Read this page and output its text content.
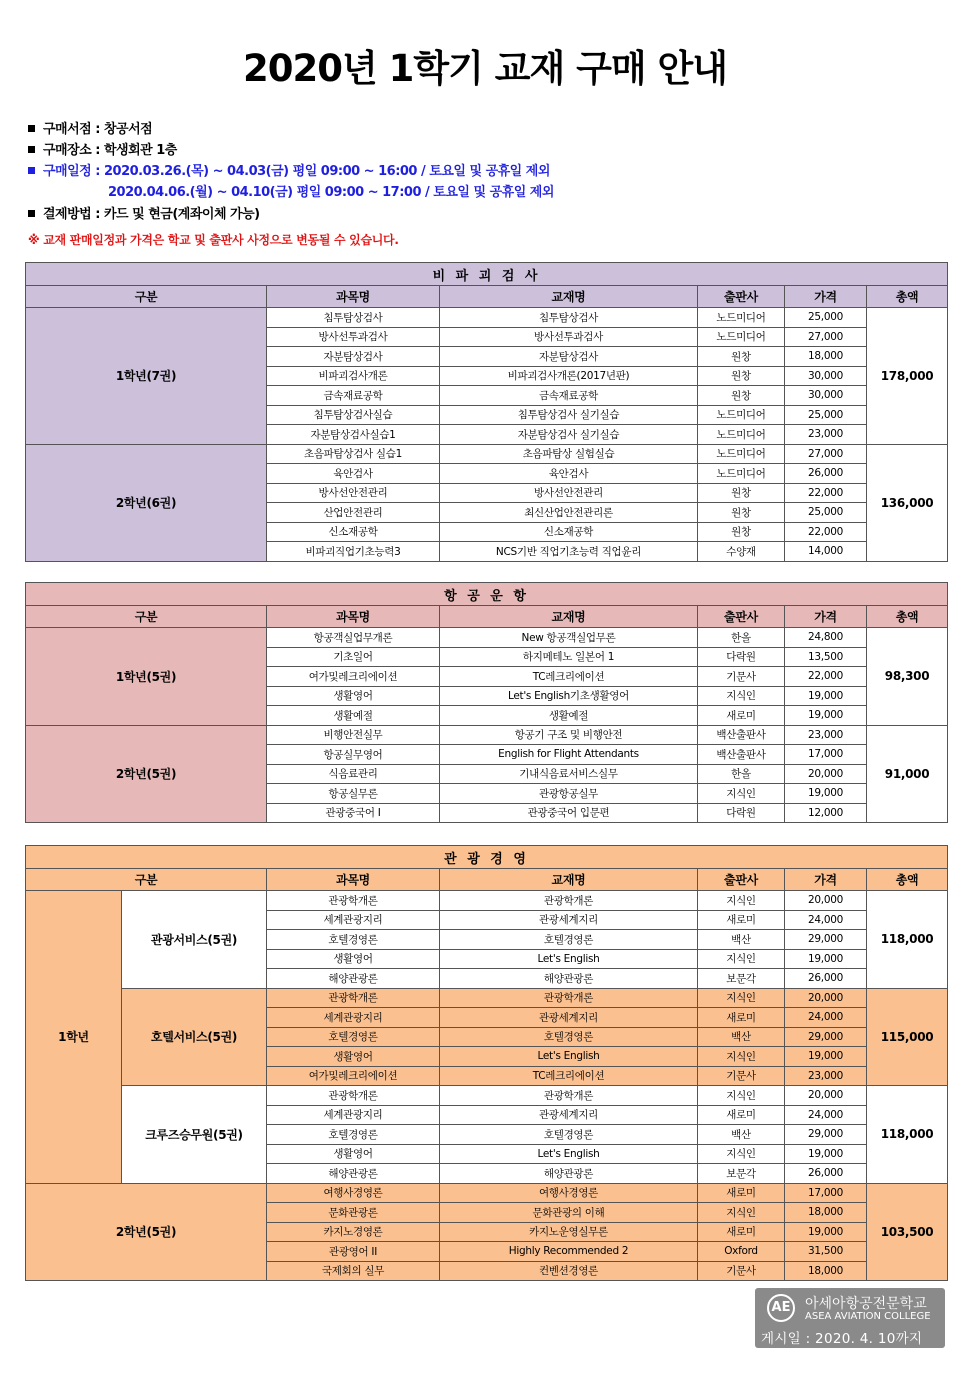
2020년 1학기 교재 구매 안내
구매서점 : 창공서점
구매장소 : 학생회관 1층
구매일정 : 2020.03.26.(목) ~ 04.03(금) 평일 09:00 ~ 16:00 / 토요일 및 공휴일 제외
2020.04.06.(월) ~ 04.10(금) 평일 09:00 ~ 17:00 / 토요일 및 공휴일 제외
결제방법 : 카드 및 현금(계좌이체 가능)
※ 교재 판매일정과 가격은 학교 및 출판사 사정으로 변동될 수 있습니다.
비 파 괴 검 사					
구분	과목명	교재명	출판사	가격	총액
1학년(7권)	침투탐상검사	침투탐상검사	노드미디어	25,000	178,000
	방사선투과검사	방사선투과검사	노드미디어	27,000	
	자분탐상검사	자분탐상검사	원창	18,000	
	비파괴검사개론	비파괴검사개론(2017년판)	원창	30,000	
	금속재료공학	금속재료공학	원창	30,000	
	침투탐상검사실습	침투탐상검사 실기실습	노드미디어	25,000	
	자분탐상검사실습1	자분탐상검사 실기실습	노드미디어	23,000	
2학년(6권)	초음파탐상검사 실습1	초음파탐상 실험실습	노드미디어	27,000	136,000
	육안검사	육안검사	노드미디어	26,000	
	방사선안전관리	방사선안전관리	원창	22,000	
	산업안전관리	최신산업안전관리론	원창	25,000	
	신소재공학	신소재공학	원창	22,000	
	비파괴직업기초능력3	NCS기반 직업기초능력 직업윤리	수양재	14,000	
항 공 운 항					
구분	과목명	교재명	출판사	가격	총액
1학년(5권)	항공객실업무개론	New 항공객실업무론	한올	24,800	98,300
	기초일어	하지메테노 일본어 1	다락원	13,500	
	여가및레크리에이션	TC레크리에이션	기문사	22,000	
	생활영어	Let's English기초생활영어	지식인	19,000	
	생활예절	생활예절	새로미	19,000	
2학년(5권)	비행안전실무	항공기 구조 및 비행안전	백산출판사	23,000	91,000
	항공실무영어	English for Flight Attendants	백산출판사	17,000	
	식음료관리	기내식음료서비스실무	한올	20,000	
	항공실무론	관광항공실무	지식인	19,000	
	관광중국어 I	관광중국어 입문편	다락원	12,000	
관 광 경 영						
구분		과목명	교재명	출판사	가격	총액
1학년	관광서비스(5권)	관광학개론	관광학개론	지식인	20,000	118,000
		세계관광지리	관광세계지리	새로미	24,000	
		호텔경영론	호텔경영론	백산	29,000	
		생활영어	Let's English	지식인	19,000	
		해양관광론	해양관광론	보문각	26,000	
	호텔서비스(5권)	관광학개론	관광학개론	지식인	20,000	115,000
		세계관광지리	관광세계지리	새로미	24,000	
		호텔경영론	호텔경영론	백산	29,000	
		생활영어	Let's English	지식인	19,000	
		여가및레크리에이션	TC레크리에이션	기문사	23,000	
	크루즈승무원(5권)	관광학개론	관광학개론	지식인	20,000	118,000
		세계관광지리	관광세계지리	새로미	24,000	
		호텔경영론	호텔경영론	백산	29,000	
		생활영어	Let's English	지식인	19,000	
		해양관광론	해양관광론	보문각	26,000	
2학년(5권)		여행사경영론	여행사경영론	새로미	17,000	103,500
		문화관광론	문화관광의 이해	지식인	18,000	
		카지노경영론	카지노운영실무론	새로미	19,000	
		관광영어 II	Highly Recommended 2	Oxford	31,500	
		국제회의 실무	컨벤션경영론	기문사	18,000	
AE	아세아항공전문학교
ASEA AVIATION COLLEGE
게시일 : 2020. 4. 10까지
